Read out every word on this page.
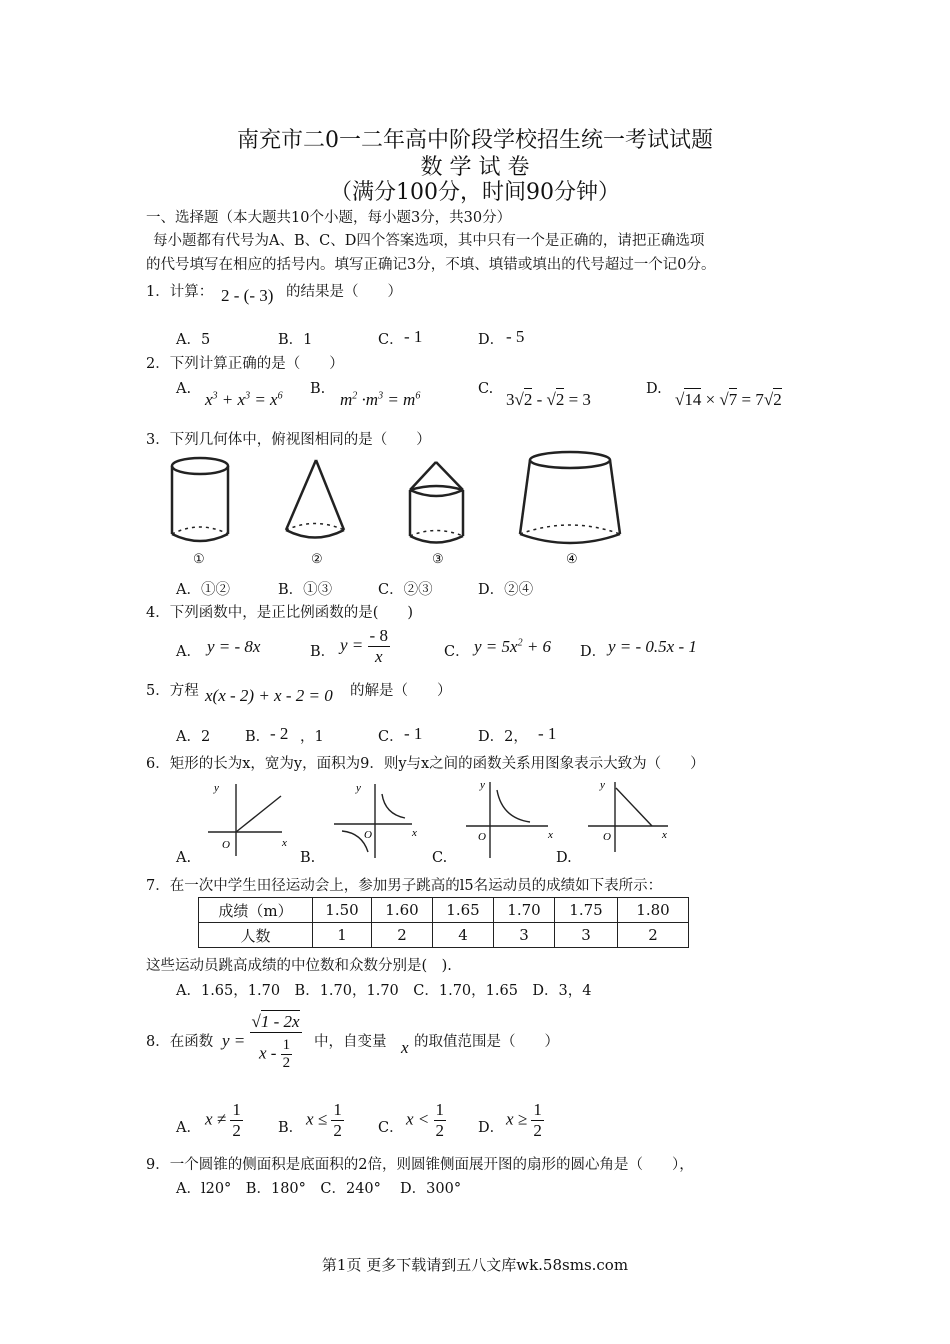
南充市二0一二年高中阶段学校招生统一考试试题
数 学 试 卷
（满分100分，时间90分钟）
一、选择题（本大题共10个小题，每小题3分，共30分）
每小题都有代号为A、B、C、D四个答案选项，其中只有一个是正确的，请把正确选项
的代号填写在相应的括号内。填写正确记3分，不填、填错或填出的代号超过一个记0分。
1．计算： 2 - (- 3) 的结果是（　　）
A．5	B．1	C． - 1	D． - 5
2．下列计算正确的是（　　）
A.
$x^3 + x^3 = x^6$ B.
$m^2 \cdot m^3 = m^6$	C.
3√2 - √2 = 3
D.
√14 × √7 = 7√2
3．下列几何体中，俯视图相同的是（　　）
①	②	③	④
A．①②	B．①③	C．②③	D．②④
4．下列函数中，是正比例函数的是(　　)
A． y = - 8x	B． $y = \frac{- 8}{x}$	C． $y = 5x^2 + 6$ D． y = - 0.5x - 1
5．方程 x(x - 2) + x - 2 = 0 的解是（　　）
A．2 B． - 2 ，1	C． - 1	D．2， - 1
6．矩形的长为x，宽为y，面积为9．则y与x之间的函数关系用图象表示大致为（　　）
y
x
O
y
x
O
y
x
O
y
x
O
A.	B.	C.	D.
7．在一次中学生田径运动会上，参加男子跳高的l5名运动员的成绩如下表所示：
成绩（m）	1.50	1.60	1.65	1.70	1.75	1.80
人数	1	2	4	3	3	2
这些运动员跳高成绩的中位数和众数分别是(　).
A．1.65，1.70　B．1.70，1.70　C．1.70，1.65　D．3，4
8．在函数 $y = \frac{√1 - 2x}{x - \frac{1}{2}}$ 中，自变量 x 的取值范围是（　　）
A． $x \ne \frac{1}{2}$ B． $x \le \frac{1}{2}$ C． $x < \frac{1}{2}$ D． $x \ge \frac{1}{2}$
9．一个圆锥的侧面积是底面积的2倍，则圆锥侧面展开图的扇形的圆心角是（　　），
A．l20°　B．180°　C．240°　 D．300°
第1页 更多下载请到五八文库wk.58sms.com
